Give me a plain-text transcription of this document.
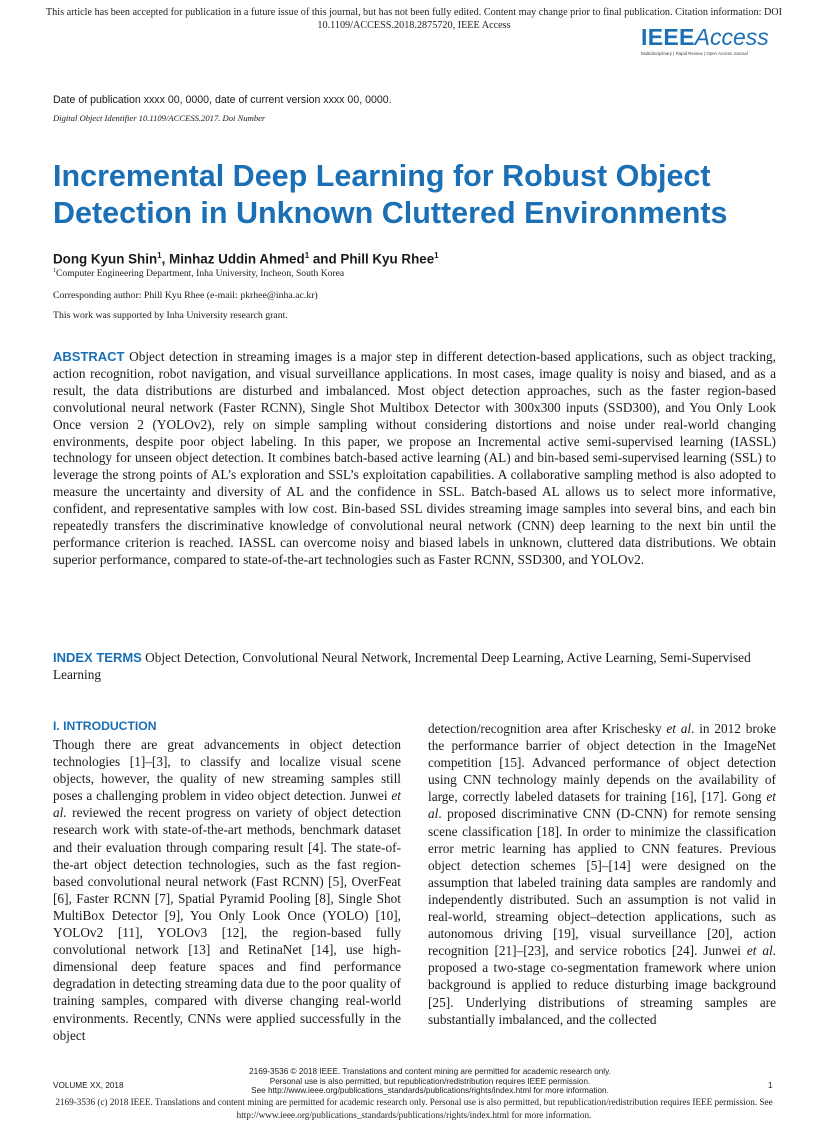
This article has been accepted for publication in a future issue of this journal, but has not been fully edited. Content may change prior to final publication. Citation information: DOI
10.1109/ACCESS.2018.2875720, IEEE Access	IEEEAccess
Multidisciplinary | Rapid Review | Open Access Journal
Date of publication xxxx 00, 0000, date of current version xxxx 00, 0000.
Digital Object Identifier 10.1109/ACCESS.2017. Doi Number
Incremental Deep Learning for Robust Object Detection in Unknown Cluttered Environments
Dong Kyun Shin$^1$, Minhaz Uddin Ahmed$^1$ and Phill Kyu Rhee$^1$
$^1$Computer Engineering Department, Inha University, Incheon, South Korea
Corresponding author: Phill Kyu Rhee (e-mail: pkrhee@inha.ac.kr)
This work was supported by Inha University research grant.

ABSTRACT Object detection in streaming images is a major step in different detection-based applications, such as object tracking, action recognition, robot navigation, and visual surveillance applications. In most cases, image quality is noisy and biased, and as a result, the data distributions are disturbed and imbalanced. Most object detection approaches, such as the faster region-based convolutional neural network (Faster RCNN), Single Shot Multibox Detector with 300x300 inputs (SSD300), and You Only Look Once version 2 (YOLOv2), rely on simple sampling without considering distortions and noise under real-world changing environments, despite poor object labeling. In this paper, we propose an Incremental active semi-supervised learning (IASSL) technology for unseen object detection. It combines batch-based active learning (AL) and bin-based semi-supervised learning (SSL) to leverage the strong points of AL’s exploration and SSL’s exploitation capabilities. A collaborative sampling method is also adopted to measure the uncertainty and diversity of AL and the confidence in SSL. Batch-based AL allows us to select more informative, confident, and representative samples with low cost. Bin-based SSL divides streaming image samples into several bins, and each bin repeatedly transfers the discriminative knowledge of convolutional neural network (CNN) deep learning to the next bin until the performance criterion is reached. IASSL can overcome noisy and biased labels in unknown, cluttered data distributions. We obtain superior performance, compared to state-of-the-art technologies such as Faster RCNN, SSD300, and YOLOv2.

INDEX TERMS Object Detection, Convolutional Neural Network, Incremental Deep Learning, Active Learning, Semi-Supervised Learning

I. INTRODUCTION
Though there are great advancements in object detection technologies [1]–[3], to classify and localize visual scene objects, however, the quality of new streaming samples still poses a challenging problem in video object detection. Junwei et al. reviewed the recent progress on variety of object detection research work with state-of-the-art methods, benchmark dataset and their evaluation through comparing result [4]. The state-of-the-art object detection technologies, such as the fast region-based convolutional neural network (Fast RCNN) [5], OverFeat [6], Faster RCNN [7], Spatial Pyramid Pooling [8], Single Shot MultiBox Detector [9], You Only Look Once (YOLO) [10], YOLOv2 [11], YOLOv3 [12], the region-based fully convolutional network [13] and RetinaNet [14], use high-dimensional deep feature spaces and find performance degradation in detecting streaming data due to the poor quality of training samples, compared with diverse changing real-world environments. Recently, CNNs were applied successfully in the object
detection/recognition area after Krischesky et al. in 2012 broke the performance barrier of object detection in the ImageNet competition [15]. Advanced performance of object detection using CNN technology mainly depends on the availability of large, correctly labeled datasets for training [16], [17]. Gong et al. proposed discriminative CNN (D-CNN) for remote sensing scene classification [18]. In order to minimize the classification error metric learning has applied to CNN features. Previous object detection schemes [5]–[14] were designed on the assumption that labeled training data samples are randomly and independently distributed. Such an assumption is not valid in real-world, streaming object–detection applications, such as autonomous driving [19], visual surveillance [20], action recognition [21]–[23], and service robotics [24]. Junwei et al. proposed a two-stage co-segmentation framework where union background is applied to reduce disturbing image background [25]. Underlying distributions of streaming samples are substantially imbalanced, and the collected
2169-3536 © 2018 IEEE. Translations and content mining are permitted for academic research only.
Personal use is also permitted, but republication/redistribution requires IEEE permission.
See http://www.ieee.org/publications_standards/publications/rights/index.html for more information.
VOLUME XX, 2018	1
2169-3536 (c) 2018 IEEE. Translations and content mining are permitted for academic research only. Personal use is also permitted, but republication/redistribution requires IEEE permission. See
http://www.ieee.org/publications_standards/publications/rights/index.html for more information.
